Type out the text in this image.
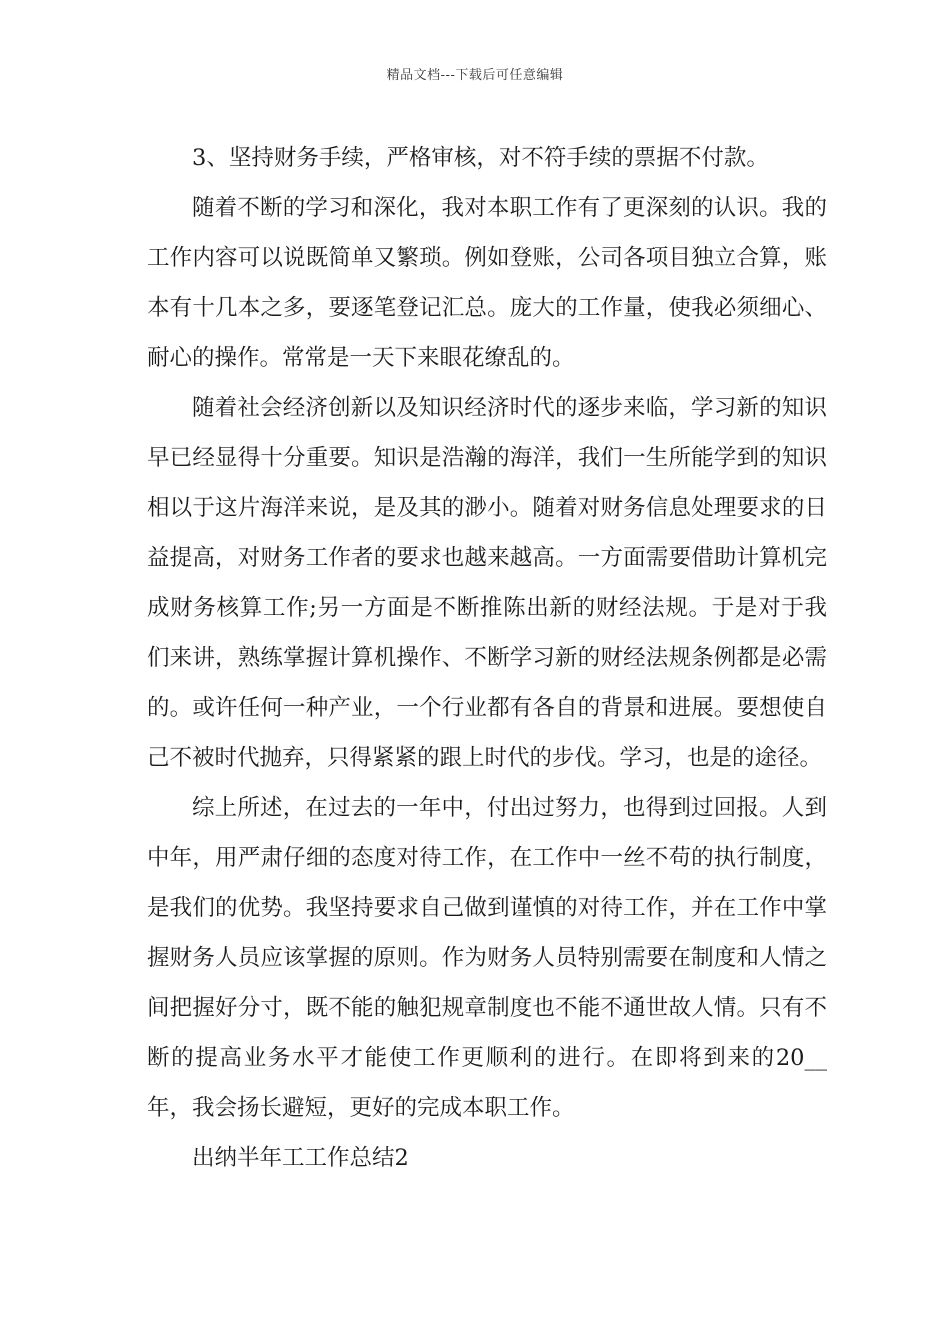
精品文档---下载后可任意编辑

3、坚持财务手续，严格审核，对不符手续的票据不付款。

随着不断的学习和深化，我对本职工作有了更深刻的认识。我的工作内容可以说既简单又繁琐。例如登账，公司各项目独立合算，账本有十几本之多，要逐笔登记汇总。庞大的工作量，使我必须细心、耐心的操作。常常是一天下来眼花缭乱的。

随着社会经济创新以及知识经济时代的逐步来临，学习新的知识早已经显得十分重要。知识是浩瀚的海洋，我们一生所能学到的知识相以于这片海洋来说，是及其的渺小。随着对财务信息处理要求的日益提高，对财务工作者的要求也越来越高。一方面需要借助计算机完成财务核算工作;另一方面是不断推陈出新的财经法规。于是对于我们来讲，熟练掌握计算机操作、不断学习新的财经法规条例都是必需的。或许任何一种产业，一个行业都有各自的背景和进展。要想使自己不被时代抛弃，只得紧紧的跟上时代的步伐。学习，也是的途径。

综上所述，在过去的一年中，付出过努力，也得到过回报。人到中年，用严肃仔细的态度对待工作，在工作中一丝不苟的执行制度，是我们的优势。我坚持要求自己做到谨慎的对待工作，并在工作中掌握财务人员应该掌握的原则。作为财务人员特别需要在制度和人情之间把握好分寸，既不能的触犯规章制度也不能不通世故人情。只有不断的提高业务水平才能使工作更顺利的进行。在即将到来的20__年，我会扬长避短，更好的完成本职工作。

出纳半年工工作总结2
